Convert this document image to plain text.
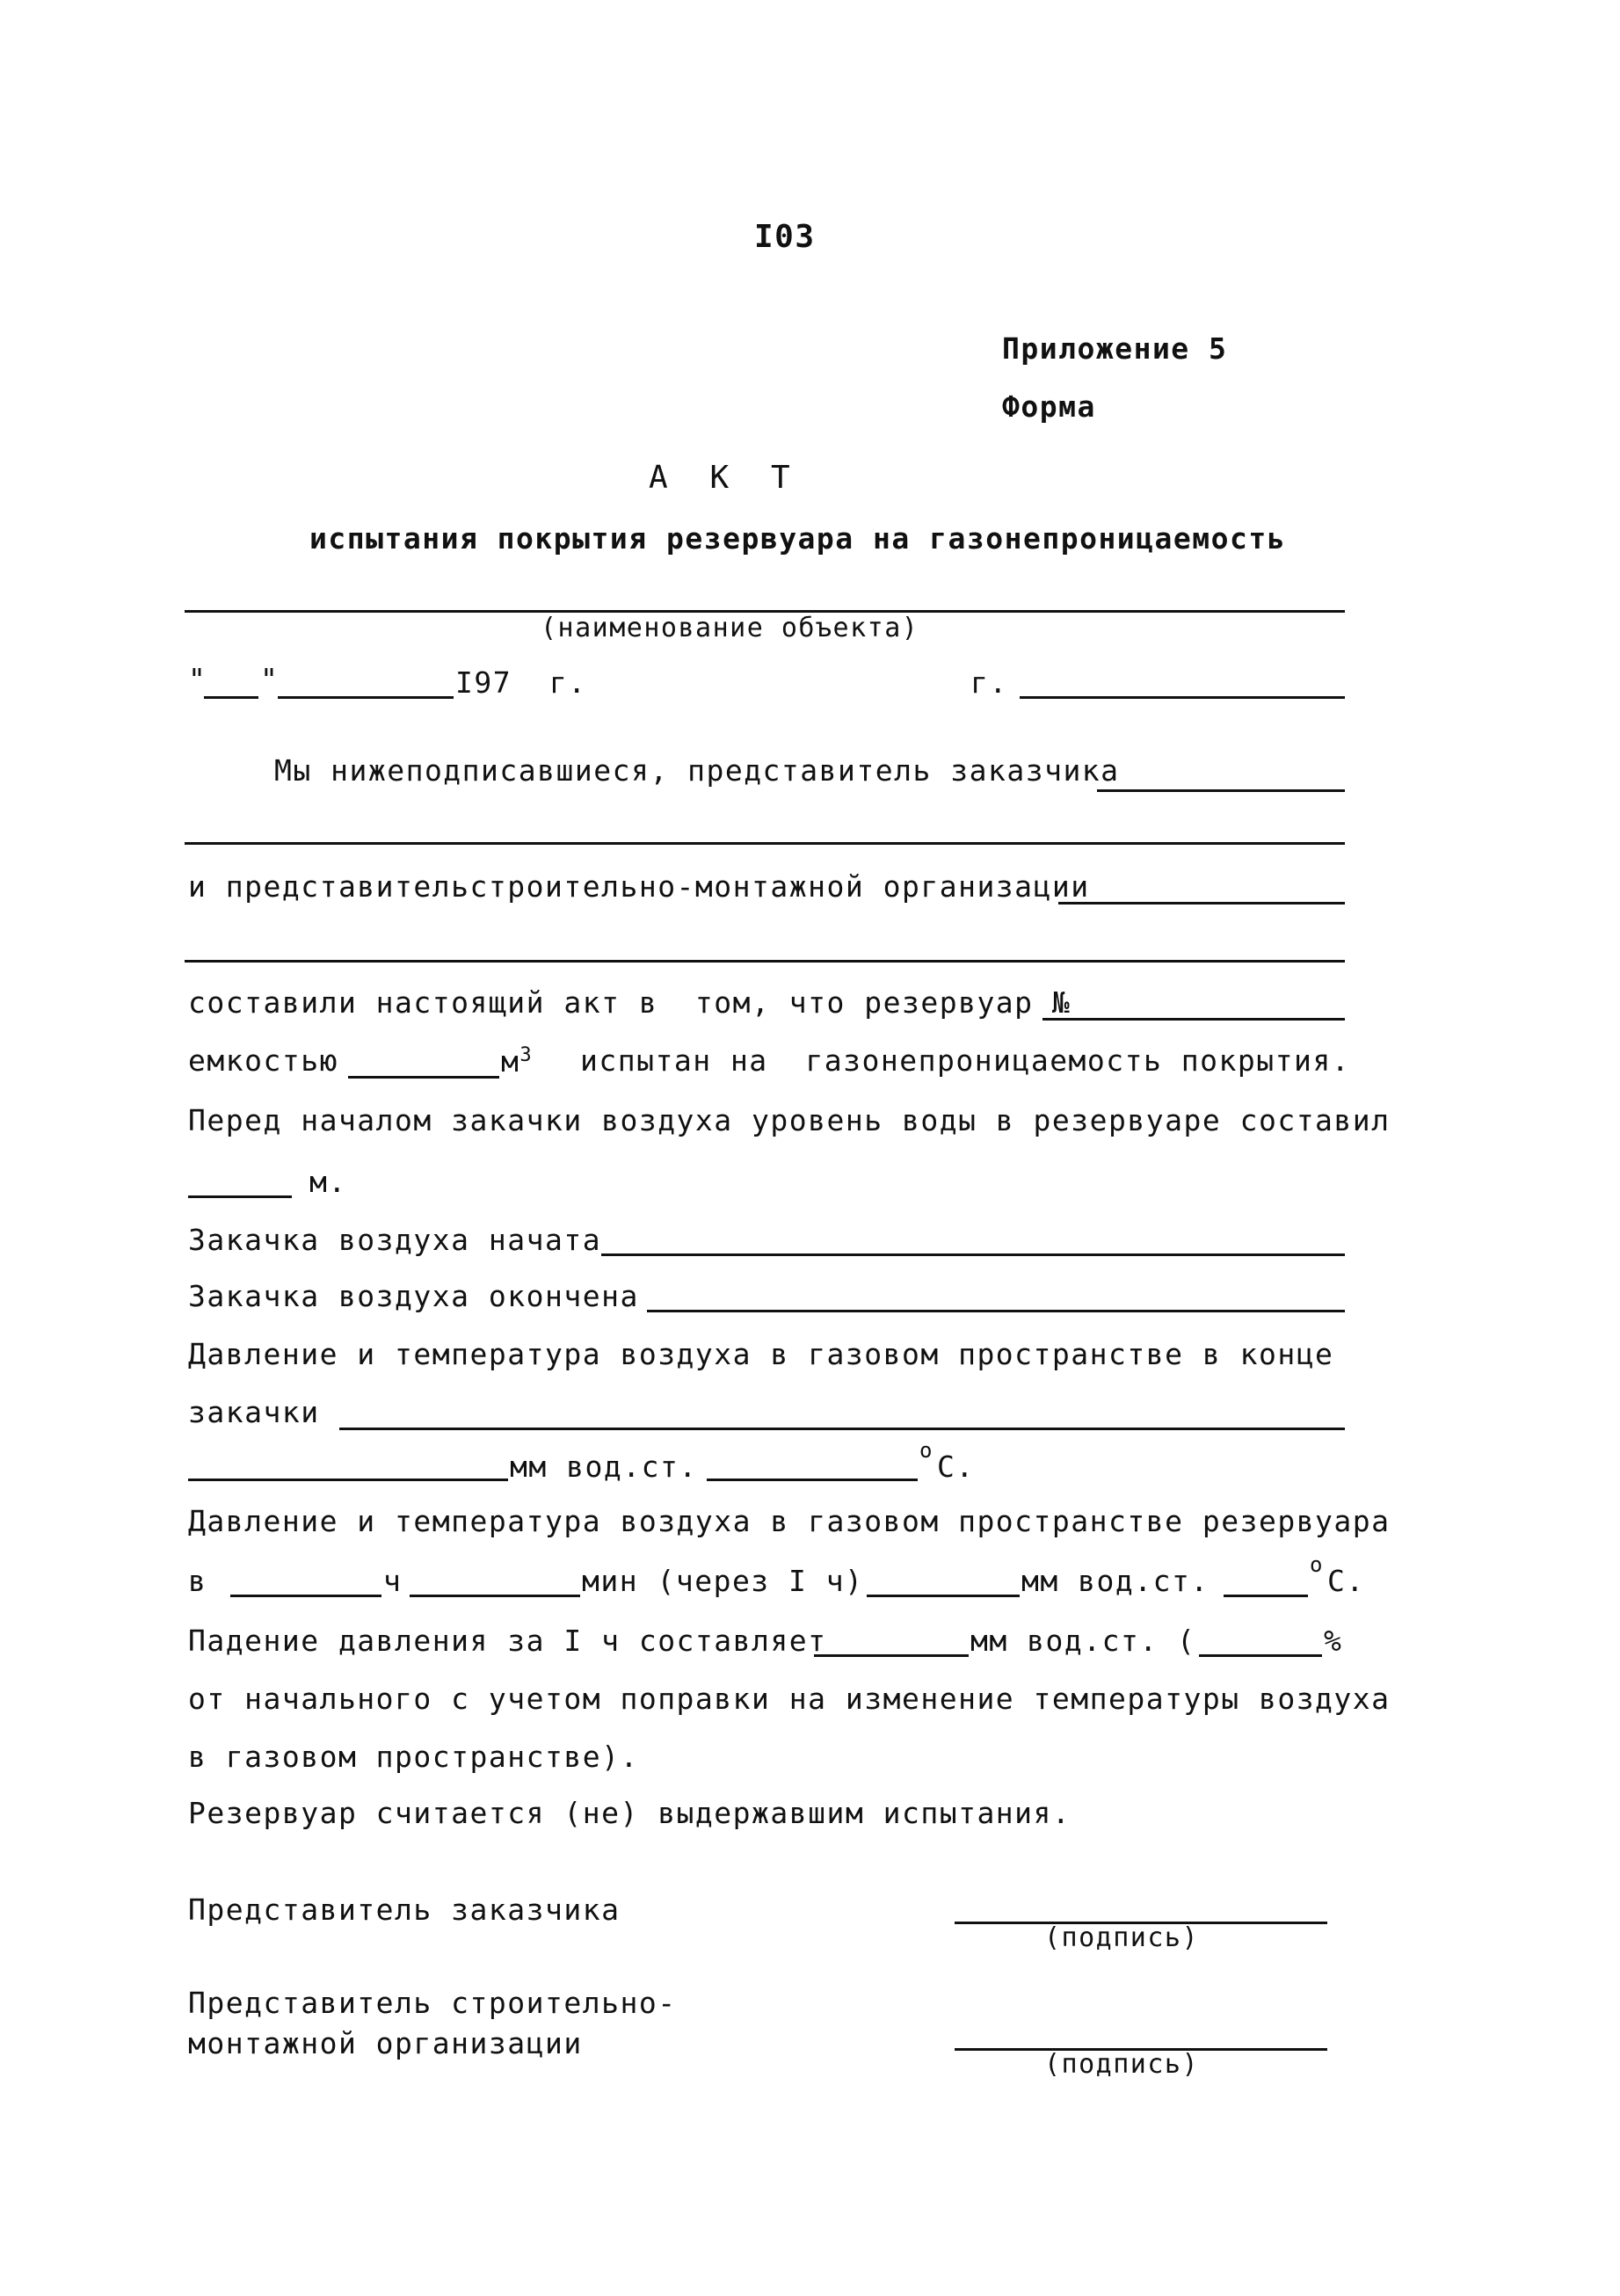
I03
Приложение 5
Форма
А  К  Т
испытания покрытия резервуара на газонепроницаемость
(наименование объекта)
" "	I97  г.	г.
Мы нижеподписавшиеся, представитель заказчика
и представительстроительно-монтажной организации
составили настоящий акт в  том, что резервуар №
емкостью	$м^3$ испытан на  газонепроницаемость покрытия.
Перед началом закачки воздуха уровень воды в резервуаре составил
м.
Закачка воздуха начата
Закачка воздуха окончена
Давление и температура воздуха в газовом пространстве в конце
закачки
мм вод.ст.	о С.
Давление и температура воздуха в газовом пространстве резервуара
в	ч	мин (через I ч)	мм вод.ст.	о С.
Падение давления за I ч составляет	мм вод.ст. (	%
от начального с учетом поправки на изменение температуры воздуха
в газовом пространстве).
Резервуар считается (не) выдержавшим испытания.
Представитель заказчика
(подпись)
Представитель строительно-
монтажной организации
(подпись)
